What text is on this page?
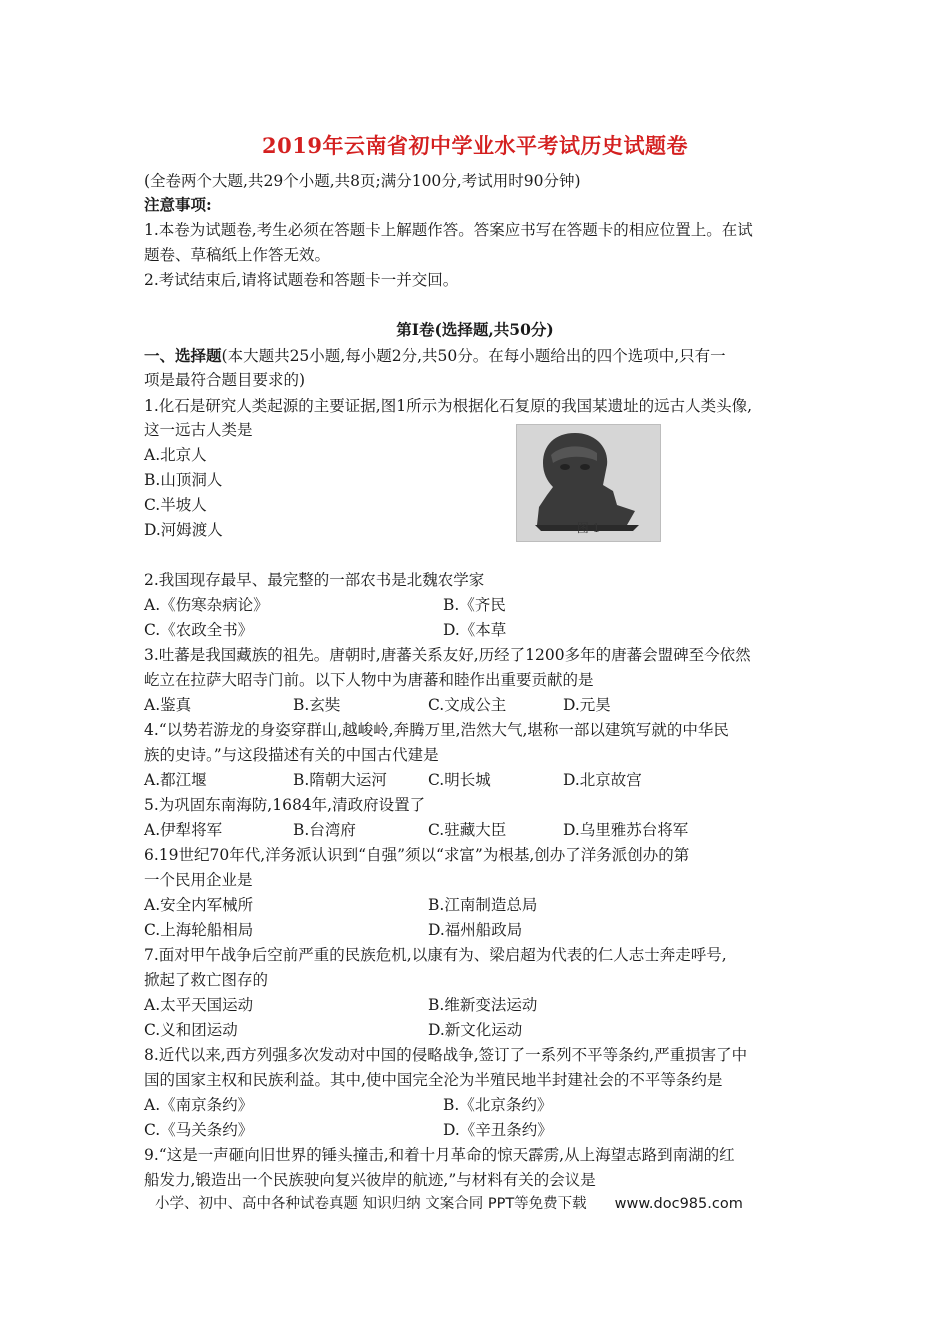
2019年云南省初中学业水平考试历史试题卷
(全卷两个大题,共29个小题,共8页;满分100分,考试用时90分钟)
注意事项:
1.本卷为试题卷,考生必须在答题卡上解题作答。答案应书写在答题卡的相应位置上。在试
题卷、草稿纸上作答无效。
2.考试结束后,请将试题卷和答题卡一并交回。
第Ⅰ卷(选择题,共50分)
一、选择题(本大题共25小题,每小题2分,共50分。在每小题给出的四个选项中,只有一
项是最符合题目要求的)
1.化石是研究人类起源的主要证据,图1所示为根据化石复原的我国某遗址的远古人类头像,
这一远古人类是
A.北京人
B.山顶洞人
C.半坡人
D.河姆渡人	图 1
2.我国现存最早、最完整的一部农书是北魏农学家
A.《伤寒杂病论》	B.《齐民
C.《农政全书》	D.《本草
3.吐蕃是我国藏族的祖先。唐朝时,唐蕃关系友好,历经了1200多年的唐蕃会盟碑至今依然
屹立在拉萨大昭寺门前。以下人物中为唐蕃和睦作出重要贡献的是
A.鉴真	B.玄奘	C.文成公主	D.元昊
4.“以势若游龙的身姿穿群山,越峻岭,奔腾万里,浩然大气,堪称一部以建筑写就的中华民
族的史诗。”与这段描述有关的中国古代建是
A.都江堰	B.隋朝大运河	C.明长城	D.北京故宫
5.为巩固东南海防,1684年,清政府设置了
A.伊犁将军	B.台湾府	C.驻藏大臣	D.乌里雅苏台将军
6.19世纪70年代,洋务派认识到“自强”须以“求富”为根基,创办了洋务派创办的第
一个民用企业是
A.安全内军械所	B.江南制造总局
C.上海轮船相局	D.福州船政局
7.面对甲午战争后空前严重的民族危机,以康有为、梁启超为代表的仁人志士奔走呼号,
掀起了救亡图存的
A.太平天国运动	B.维新变法运动
C.义和团运动	D.新文化运动
8.近代以来,西方列强多次发动对中国的侵略战争,签订了一系列不平等条约,严重损害了中
国的国家主权和民族利益。其中,使中国完全沦为半殖民地半封建社会的不平等条约是
A.《南京条约》	B.《北京条约》
C.《马关条约》	D.《辛丑条约》
9.“这是一声砸向旧世界的锤头撞击,和着十月革命的惊天霹雳,从上海望志路到南湖的红
船发力,锻造出一个民族驶向复兴彼岸的航迹,”与材料有关的会议是
小学、初中、高中各种试卷真题 知识归纳 文案合同 PPT等免费下载 www.doc985.com
